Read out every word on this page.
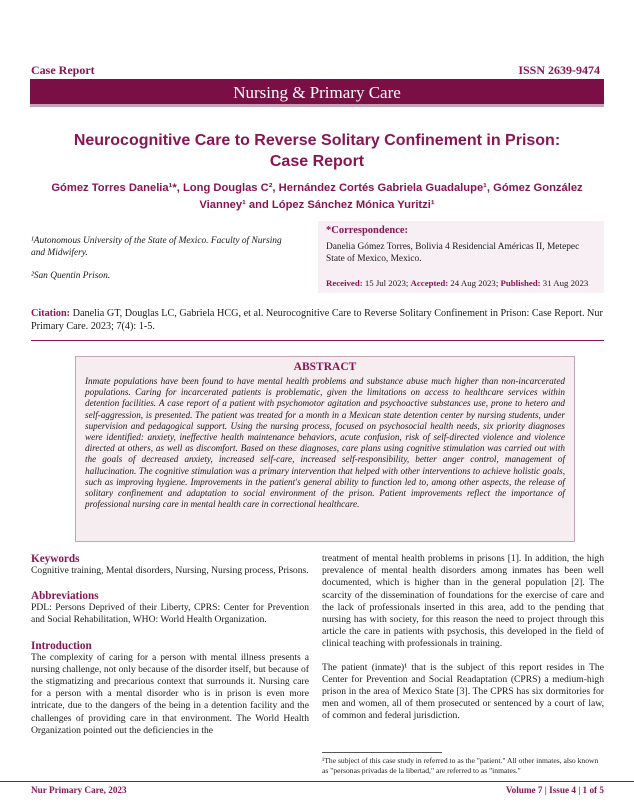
Case Report	ISSN 2639-9474
Nursing & Primary Care
Neurocognitive Care to Reverse Solitary Confinement in Prison: Case Report
Gómez Torres Danelia¹*, Long Douglas C², Hernández Cortés Gabriela Guadalupe¹, Gómez González
Vianney¹ and López Sánchez Mónica Yuritzi¹
¹Autonomous University of the State of Mexico. Faculty of Nursing and Midwifery.
²San Quentin Prison.
*Correspondence:
Danelia Gómez Torres, Bolivia 4 Residencial Américas II, Metepec State of Mexico, Mexico.
Received: 15 Jul 2023; Accepted: 24 Aug 2023; Published: 31 Aug 2023
Citation: Danelia GT, Douglas LC, Gabriela HCG, et al. Neurocognitive Care to Reverse Solitary Confinement in Prison: Case Report. Nur Primary Care. 2023; 7(4): 1-5.
ABSTRACT
Inmate populations have been found to have mental health problems and substance abuse much higher than non-incarcerated populations. Caring for incarcerated patients is problematic, given the limitations on access to healthcare services within detention facilities. A case report of a patient with psychomotor agitation and psychoactive substances use, prone to hetero and self-aggression, is presented. The patient was treated for a month in a Mexican state detention center by nursing students, under supervision and pedagogical support. Using the nursing process, focused on psychosocial health needs, six priority diagnoses were identified: anxiety, ineffective health maintenance behaviors, acute confusion, risk of self-directed violence and violence directed at others, as well as discomfort. Based on these diagnoses, care plans using cognitive stimulation was carried out with the goals of decreased anxiety, increased self-care, increased self-responsibility, better anger control, management of hallucination. The cognitive stimulation was a primary intervention that helped with other interventions to achieve holistic goals, such as improving hygiene. Improvements in the patient's general ability to function led to, among other aspects, the release of solitary confinement and adaptation to social environment of the prison. Patient improvements reflect the importance of professional nursing care in mental health care in correctional healthcare.
Keywords
Cognitive training, Mental disorders, Nursing, Nursing process, Prisons.
Abbreviations
PDL: Persons Deprived of their Liberty, CPRS: Center for Prevention and Social Rehabilitation, WHO: World Health Organization.
Introduction
The complexity of caring for a person with mental illness presents a nursing challenge, not only because of the disorder itself, but because of the stigmatizing and precarious context that surrounds it. Nursing care for a person with a mental disorder who is in prison is even more intricate, due to the dangers of the being in a detention facility and the challenges of providing care in that environment. The World Health Organization pointed out the deficiencies in the
treatment of mental health problems in prisons [1]. In addition, the high prevalence of mental health disorders among inmates has been well documented, which is higher than in the general population [2]. The scarcity of the dissemination of foundations for the exercise of care and the lack of professionals inserted in this area, add to the pending that nursing has with society, for this reason the need to project through this article the care in patients with psychosis, this developed in the field of clinical teaching with professionals in training.
The patient (inmate)¹ that is the subject of this report resides in The Center for Prevention and Social Readaptation (CPRS) a medium-high prison in the area of Mexico State [3]. The CPRS has six dormitories for men and women, all of them prosecuted or sentenced by a court of law, of common and federal jurisdiction.
¹The subject of this case study in referred to as the "patient." All other inmates, also known as "personas privadas de la libertad," are referred to as "inmates."
Nur Primary Care, 2023	Volume 7 | Issue 4 | 1 of 5
